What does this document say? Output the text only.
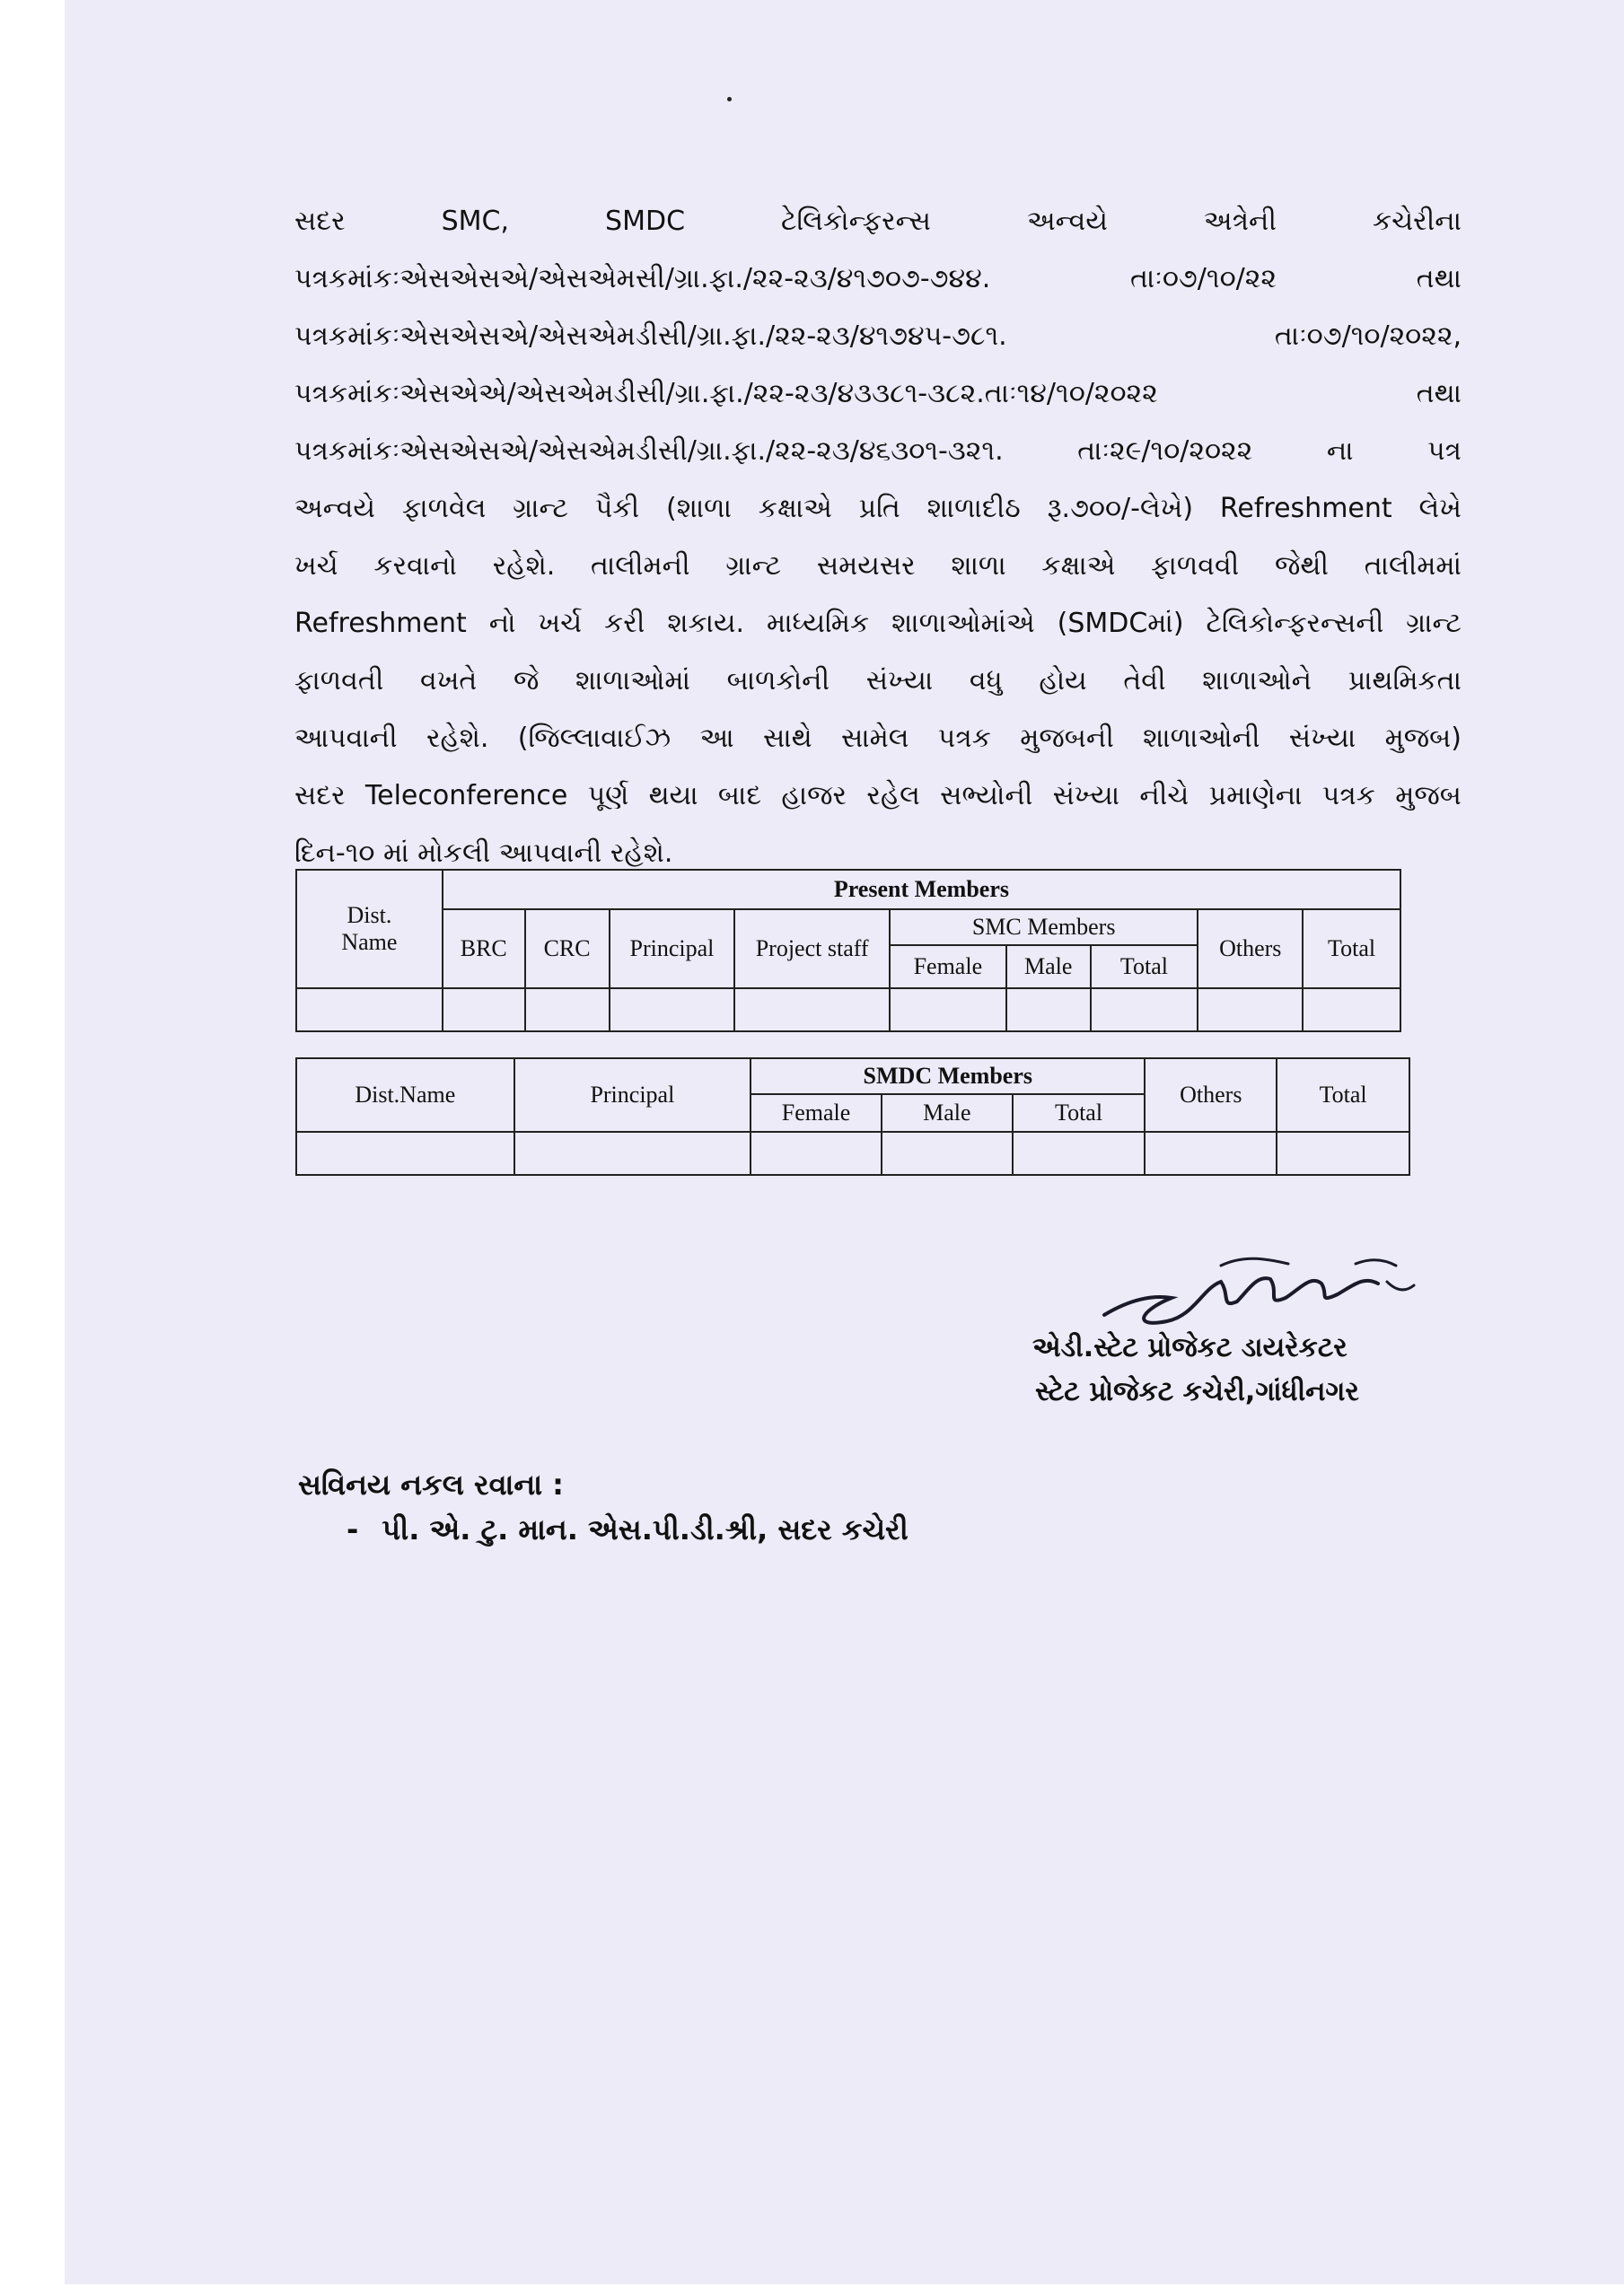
સદર	SMC,	SMDC	ટેલિકોન્ફરન્સ	અન્વયે	અત્રેની	કચેરીના
પત્રકમાંકઃએસએસએ/એસએમસી/ગ્રા.ફા./૨૨-૨૩/૪૧૭૦૭-૭૪૪.	તાઃ૦૭/૧૦/૨૨	તથા
પત્રકમાંકઃએસએસએ/એસએમડીસી/ગ્રા.ફા./૨૨-૨૩/૪૧૭૪૫-૭૮૧.	તાઃ૦૭/૧૦/૨૦૨૨,
પત્રકમાંકઃએસએએ/એસએમડીસી/ગ્રા.ફા./૨૨-૨૩/૪૩૩૮૧-૩૮૨.તાઃ૧૪/૧૦/૨૦૨૨	તથા
પત્રકમાંકઃએસએસએ/એસએમડીસી/ગ્રા.ફા./૨૨-૨૩/૪૬૩૦૧-૩૨૧.	તાઃ૨૯/૧૦/૨૦૨૨	ના	પત્ર
અન્વયે ફાળવેલ ગ્રાન્ટ પૈકી (શાળા કક્ષાએ પ્રતિ શાળાદીઠ રૂ.૭૦૦/-લેખે) Refreshment લેખે
ખર્ચ કરવાનો રહેશે. તાલીમની ગ્રાન્ટ સમયસર શાળા કક્ષાએ ફાળવવી જેથી તાલીમમાં
Refreshment નો ખર્ચ કરી શકાય. માધ્યમિક શાળાઓમાંએ (SMDCમાં) ટેલિકોન્ફરન્સની ગ્રાન્ટ
ફાળવતી વખતે જે શાળાઓમાં બાળકોની સંખ્યા વધુ હોય તેવી શાળાઓને પ્રાથમિકતા
આપવાની રહેશે. (જિલ્લાવાઈઝ આ સાથે સામેલ પત્રક મુજબની શાળાઓની સંખ્યા મુજબ)
સદર Teleconference પૂર્ણ થયા બાદ હાજર રહેલ સભ્યોની સંખ્યા નીચે પ્રમાણેના પત્રક મુજબ
દિન-૧૦ માં મોકલી આપવાની રહેશે.
Dist. Name	Present Members								
	BRC	CRC	Principal	Project staff	SMC Members			Others	Total
					Female	Male	Total		

Dist.Name	Principal	SMDC Members			Others	Total
		Female	Male	Total		

એડી.સ્ટેટ પ્રોજેકટ ડાયરેકટર
સ્ટેટ પ્રોજેકટ કચેરી,ગાંધીનગર
સવિનય નકલ રવાના :
- પી. એ. ટુ. માન. એસ.પી.ડી.શ્રી, સદર કચેરી
